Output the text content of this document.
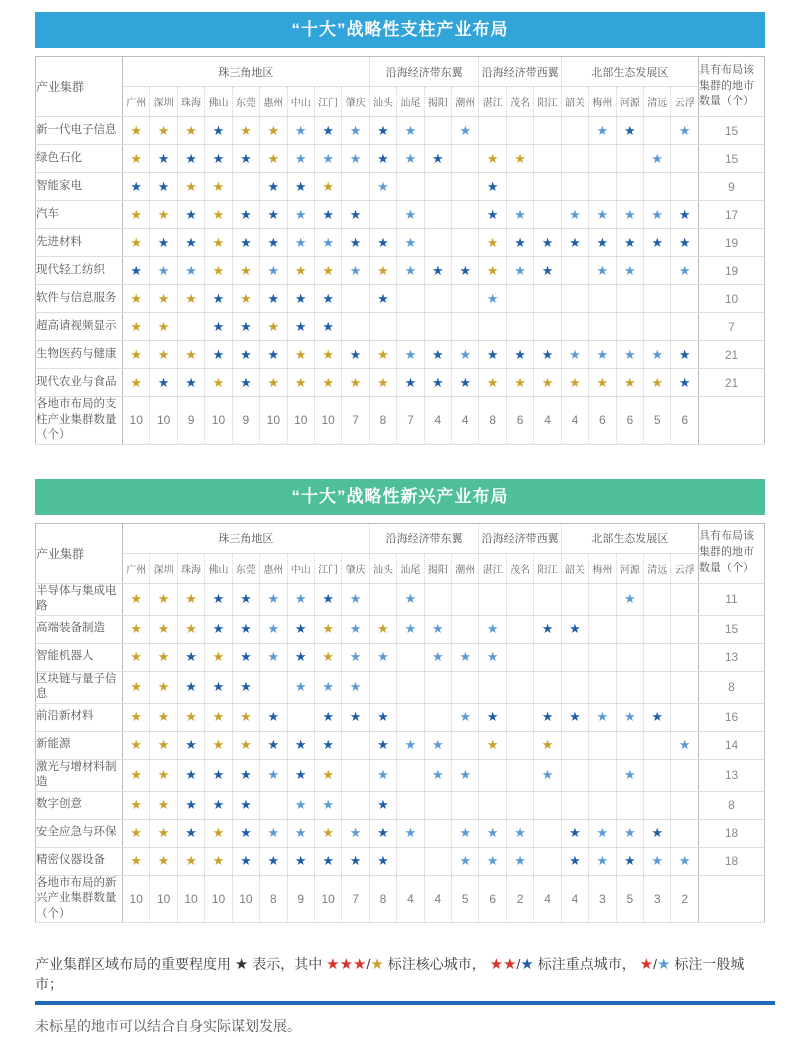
“十大”战略性支柱产业布局
产业集群	珠三角地区									沿海经济带东翼				沿海经济带西翼			北部生态发展区					具有布局该集群的地市数量（个）
	广州	深圳	珠海	佛山	东莞	惠州	中山	江门	肇庆	汕头	汕尾	揭阳	潮州	湛江	茂名	阳江	韶关	梅州	河源	清远	云浮	
新一代电子信息	★	★	★	★	★	★	★	★	★	★	★		★					★	★		★	15
绿色石化	★	★	★	★	★	★	★	★	★	★	★	★		★	★					★		15
智能家电	★	★	★	★		★	★	★		★				★								9
汽车	★	★	★	★	★	★	★	★	★		★			★	★		★	★	★	★	★	17
先进材料	★	★	★	★	★	★	★	★	★	★	★			★	★	★	★	★	★	★	★	19
现代轻工纺织	★	★	★	★	★	★	★	★	★	★	★	★	★	★	★	★		★	★		★	19
软件与信息服务	★	★	★	★	★	★	★	★		★				★								10
超高请视频显示	★	★		★	★	★	★	★														7
生物医药与健康	★	★	★	★	★	★	★	★	★	★	★	★	★	★	★	★	★	★	★	★	★	21
现代农业与食品	★	★	★	★	★	★	★	★	★	★	★	★	★	★	★	★	★	★	★	★	★	21
各地市布局的支柱产业集群数量（个）	10	10	9	10	9	10	10	10	7	8	7	4	4	8	6	4	4	6	6	5	6	
“十大”战略性新兴产业布局
产业集群	珠三角地区									沿海经济带东翼				沿海经济带西翼			北部生态发展区					具有布局该集群的地市数量（个）
	广州	深圳	珠海	佛山	东莞	惠州	中山	江门	肇庆	汕头	汕尾	揭阳	潮州	湛江	茂名	阳江	韶关	梅州	河源	清远	云浮	
半导体与集成电路	★	★	★	★	★	★	★	★	★		★								★			11
高端装备制造	★	★	★	★	★	★	★	★	★	★	★	★		★		★	★					15
智能机器人	★	★	★	★	★	★	★	★	★	★		★	★	★								13
区块链与量子信息	★	★	★	★	★		★	★	★													8
前沿新材料	★	★	★	★	★	★		★	★	★			★	★		★	★	★	★	★		16
新能源	★	★	★	★	★	★	★	★		★	★	★		★		★					★	14
激光与增材料制造	★	★	★	★	★	★	★	★		★		★	★			★			★			13
数字创意	★	★	★	★	★		★	★		★												8
安全应急与环保	★	★	★	★	★	★	★	★	★	★	★		★	★	★		★	★	★	★		18
精密仪器设备	★	★	★	★	★	★	★	★	★	★			★	★	★		★	★	★	★	★	18
各地市布局的新兴产业集群数量（个）	10	10	10	10	10	8	9	10	7	8	4	4	5	6	2	4	4	3	5	3	2	
产业集群区域布局的重要程度用 ★ 表示，其中 ★★★/★ 标注核心城市， ★★/★ 标注重点城市， ★/★ 标注一般城市；
未标星的地市可以结合自身实际谋划发展。
